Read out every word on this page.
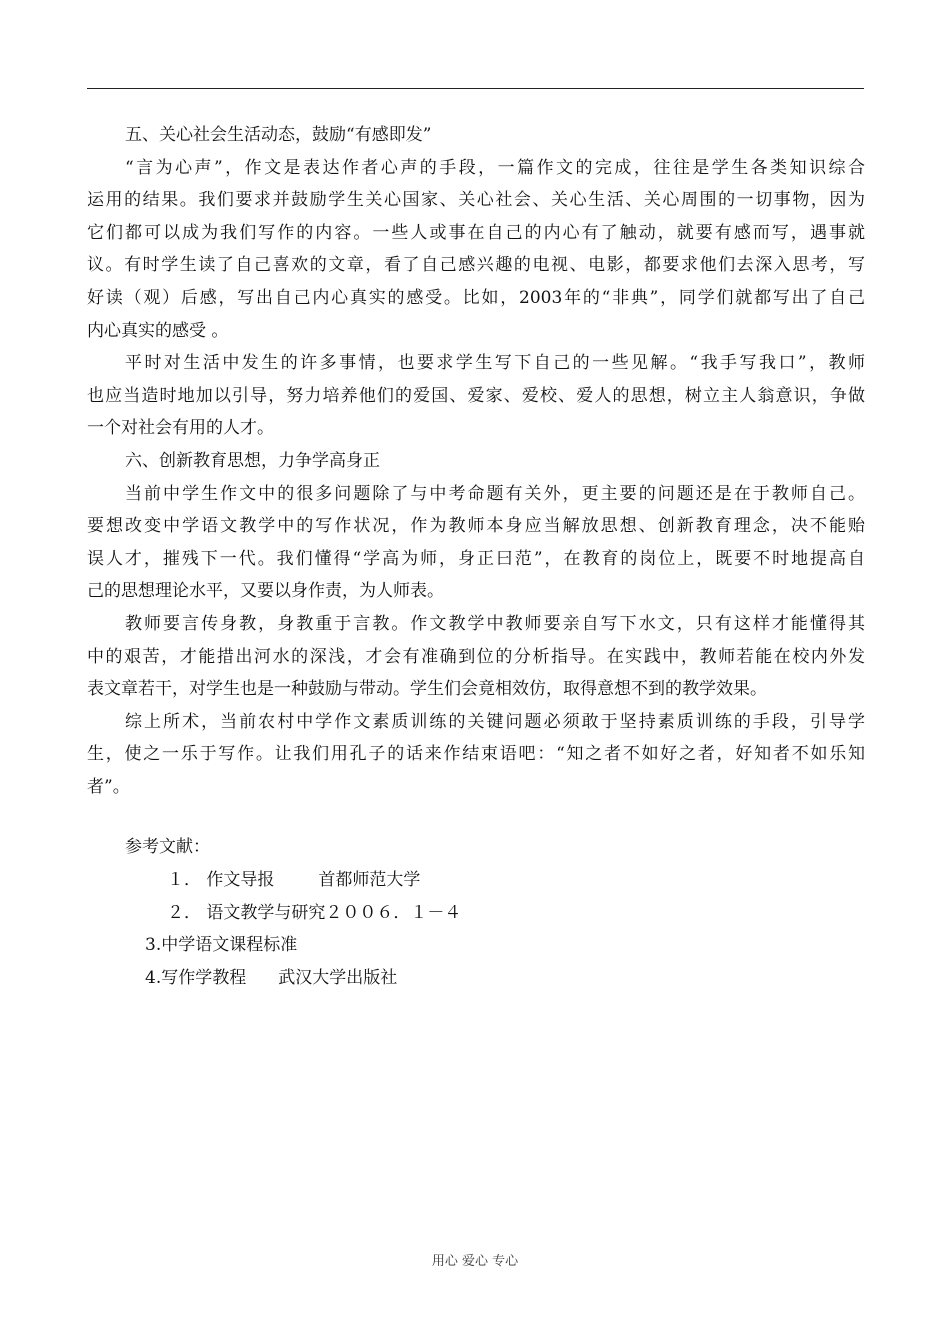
五、关心社会生活动态，鼓励“有感即发”
“言为心声”，作文是表达作者心声的手段，一篇作文的完成，往往是学生各类知识综合
运用的结果。我们要求并鼓励学生关心国家、关心社会、关心生活、关心周围的一切事物，因为
它们都可以成为我们写作的内容。一些人或事在自己的内心有了触动，就要有感而写，遇事就
议。有时学生读了自己喜欢的文章，看了自己感兴趣的电视、电影，都要求他们去深入思考，写
好读（观）后感，写出自己内心真实的感受。比如，2003年的“非典”，同学们就都写出了自己
内心真实的感受 。
平时对生活中发生的许多事情，也要求学生写下自己的一些见解。“我手写我口”，教师
也应当造时地加以引导，努力培养他们的爱国、爱家、爱校、爱人的思想，树立主人翁意识，争做
一个对社会有用的人才。
六、创新教育思想，力争学高身正
当前中学生作文中的很多问题除了与中考命题有关外，更主要的问题还是在于教师自己。
要想改变中学语文教学中的写作状况，作为教师本身应当解放思想、创新教育理念，决不能贻
误人才，摧残下一代。我们懂得“学高为师，身正曰范”，在教育的岗位上，既要不时地提高自
己的思想理论水平，又要以身作责，为人师表。
教师要言传身教，身教重于言教。作文教学中教师要亲自写下水文，只有这样才能懂得其
中的艰苦，才能措出河水的深浅，才会有准确到位的分析指导。在实践中，教师若能在校内外发
表文章若干，对学生也是一种鼓励与带动。学生们会竟相效仿，取得意想不到的教学效果。
综上所术，当前农村中学作文素质训练的关键问题必须敢于坚持素质训练的手段，引导学
生，使之一乐于写作。让我们用孔子的话来作结束语吧：“知之者不如好之者，好知者不如乐知
者”。
参考文献：
１． 作文导报	首都师范大学
２． 语文教学与研究２００６．１－４
3.中学语文课程标准
4.写作学教程 武汉大学出版社
用心 爱心 专心
